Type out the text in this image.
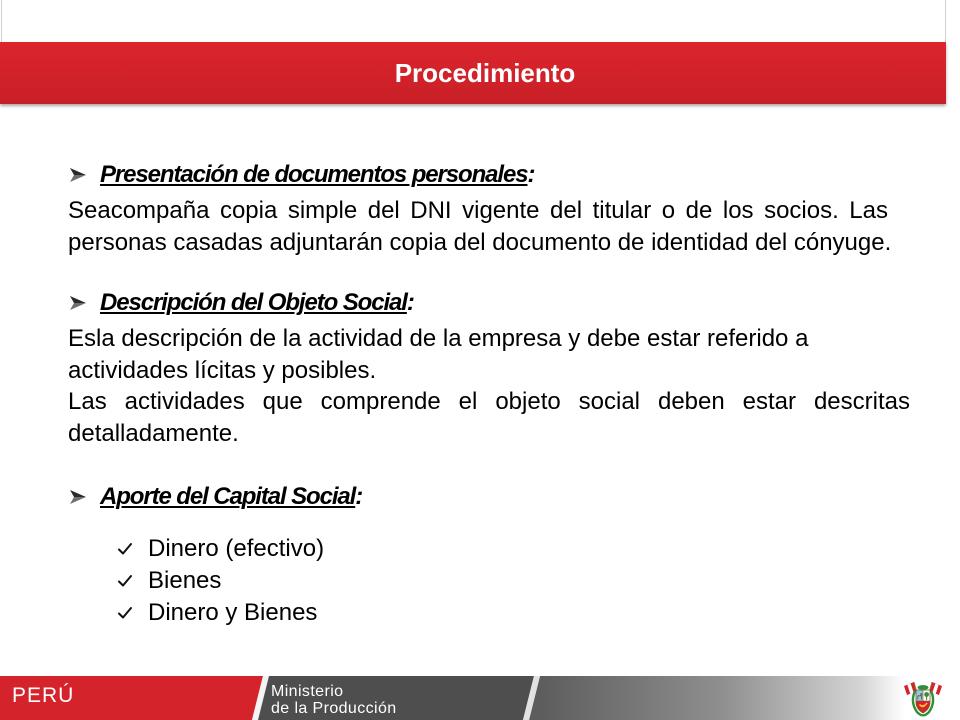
Procedimiento
Presentación de documentos personales:
Seacompaña copia simple del DNI vigente del titular o de los socios. Las
personas casadas adjuntarán copia del documento de identidad del cónyuge.
Descripción del Objeto Social:
Esla descripción de la actividad de la empresa y debe estar referido a
actividades lícitas y posibles.
Las actividades que comprende el objeto social deben estar descritas
detalladamente.
Aporte del Capital Social:
Dinero (efectivo)
Bienes
Dinero y Bienes
PERÚ	Ministerio
de la Producción
